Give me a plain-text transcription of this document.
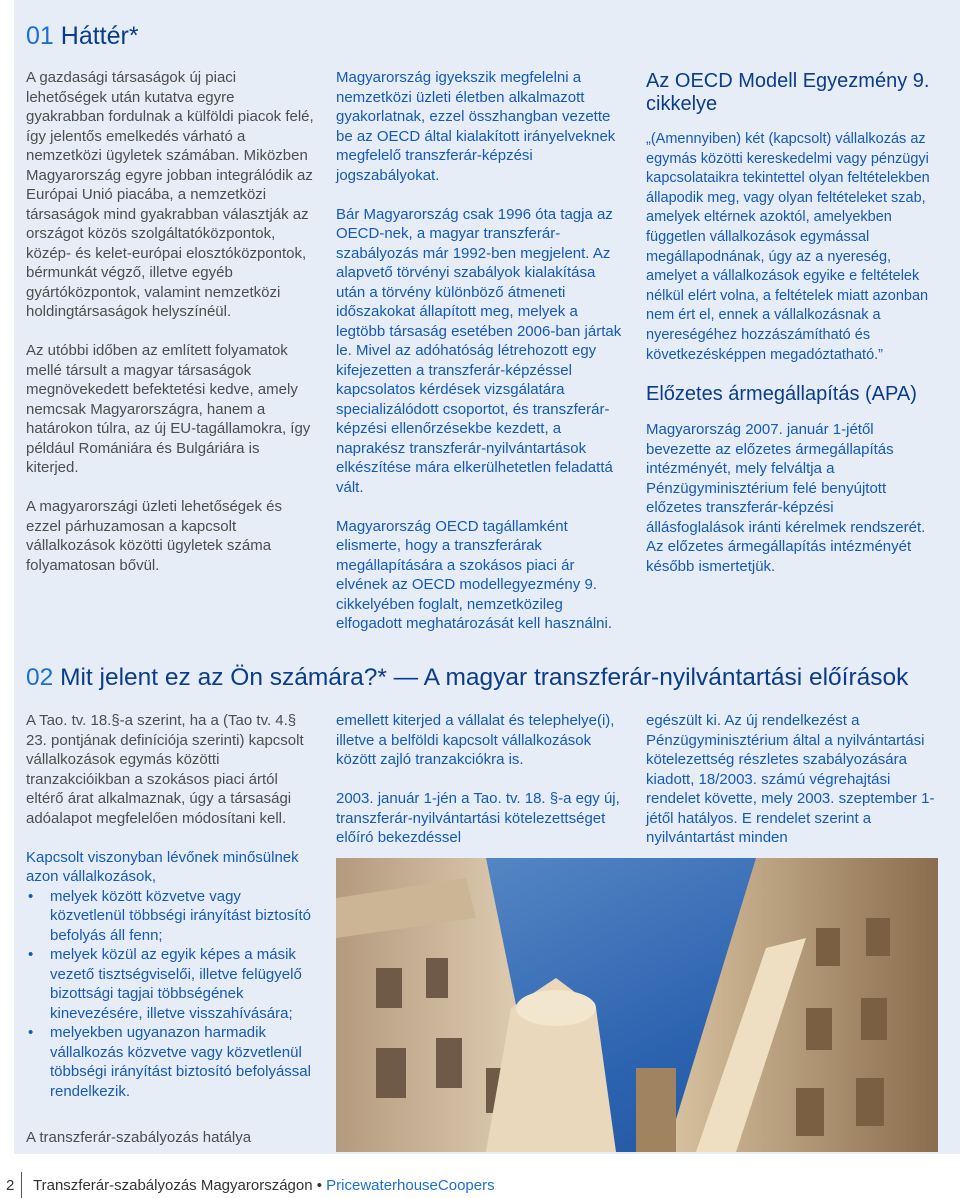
01 Háttér*

A gazdasági társaságok új piaci lehetőségek után kutatva egyre gyakrabban fordulnak a külföldi piacok felé, így jelentős emelkedés várható a nemzetközi ügyletek számában. Miközben Magyarország egyre jobban integrálódik az Európai Unió piacába, a nemzetközi társaságok mind gyakrabban választják az országot közös szolgáltatóközpontok, közép- és kelet-európai elosztóközpontok, bérmunkát végző, illetve egyéb gyártóközpontok, valamint nemzetközi holdingtársaságok helyszínéül.

Az utóbbi időben az említett folyamatok mellé társult a magyar társaságok megnövekedett befektetési kedve, amely nemcsak Magyarországra, hanem a határokon túlra, az új EU-tagállamokra, így például Romániára és Bulgáriára is kiterjed.

A magyarországi üzleti lehetőségek és ezzel párhuzamosan a kapcsolt vállalkozások közötti ügyletek száma folyamatosan bővül.

Magyarország igyekszik megfelelni a nemzetközi üzleti életben alkalmazott gyakorlatnak, ezzel összhangban vezette be az OECD által kialakított irányelveknek megfelelő transzferár-képzési jogszabályokat.

Bár Magyarország csak 1996 óta tagja az OECD-nek, a magyar transzferár-szabályozás már 1992-ben megjelent. Az alapvető törvényi szabályok kialakítása után a törvény különböző átmeneti időszakokat állapított meg, melyek a legtöbb társaság esetében 2006-ban jártak le. Mivel az adóhatóság létrehozott egy kifejezetten a transzferár-képzéssel kapcsolatos kérdések vizsgálatára specializálódott csoportot, és transzferár-képzési ellenőrzésekbe kezdett, a naprakész transzferár-nyilvántartások elkészítése mára elkerülhetetlen feladattá vált.

Magyarország OECD tagállamként elismerte, hogy a transzferárak megállapítására a szokásos piaci ár elvének az OECD modellegyezmény 9. cikkelyében foglalt, nemzetközileg elfogadott meghatározását kell használni.

Az OECD Modell Egyezmény 9. cikkelye

„(Amennyiben) két (kapcsolt) vállalkozás az egymás közötti kereskedelmi vagy pénzügyi kapcsolataikra tekintettel olyan feltételekben állapodik meg, vagy olyan feltételeket szab, amelyek eltérnek azoktól, amelyekben független vállalkozások egymással megállapodnának, úgy az a nyereség, amelyet a vállalkozások egyike e feltételek nélkül elért volna, a feltételek miatt azonban nem ért el, ennek a vállalkozásnak a nyereségéhez hozzászámítható és következésképpen megadóztatható.”

Előzetes ármegállapítás (APA)

Magyarország 2007. január 1-jétől bevezette az előzetes ármegállapítás intézményét, mely felváltja a Pénzügyminisztérium felé benyújtott előzetes transzferár-képzési állásfoglalások iránti kérelmek rendszerét. Az előzetes ármegállapítás intézményét később ismertetjük.

02 Mit jelent ez az Ön számára?* — A magyar transzferár-nyilvántartási előírások

A Tao. tv. 18.§-a szerint, ha a (Tao tv. 4.§ 23. pontjának definíciója szerinti) kapcsolt vállalkozások egymás közötti tranzakcióikban a szokásos piaci ártól eltérő árat alkalmaznak, úgy a társasági adóalapot megfelelően módosítani kell.

Kapcsolt viszonyban lévőnek minősülnek azon vállalkozások,

• melyek között közvetve vagy közvetlenül többségi irányítást biztosító befolyás áll fenn;
• melyek közül az egyik képes a másik vezető tisztségviselői, illetve felügyelő bizottsági tagjai többségének kinevezésére, illetve visszahívására;
• melyekben ugyanazon harmadik vállalkozás közvetve vagy közvetlenül többségi irányítást biztosító befolyással rendelkezik.

A transzferár-szabályozás hatálya

emellett kiterjed a vállalat és telephelye(i), illetve a belföldi kapcsolt vállalkozások között zajló tranzakciókra is.

2003. január 1-jén a Tao. tv. 18. §-a egy új, transzferár-nyilvántartási kötelezettséget előíró bekezdéssel

egészült ki. Az új rendelkezést a Pénzügyminisztérium által a nyilvántartási kötelezettség részletes szabályozására kiadott, 18/2003. számú végrehajtási rendelet követte, mely 2003. szeptember 1-jétől hatályos. E rendelet szerint a nyilvántartást minden

2 Transzferár-szabályozás Magyarországon • PricewaterhouseCoopers
